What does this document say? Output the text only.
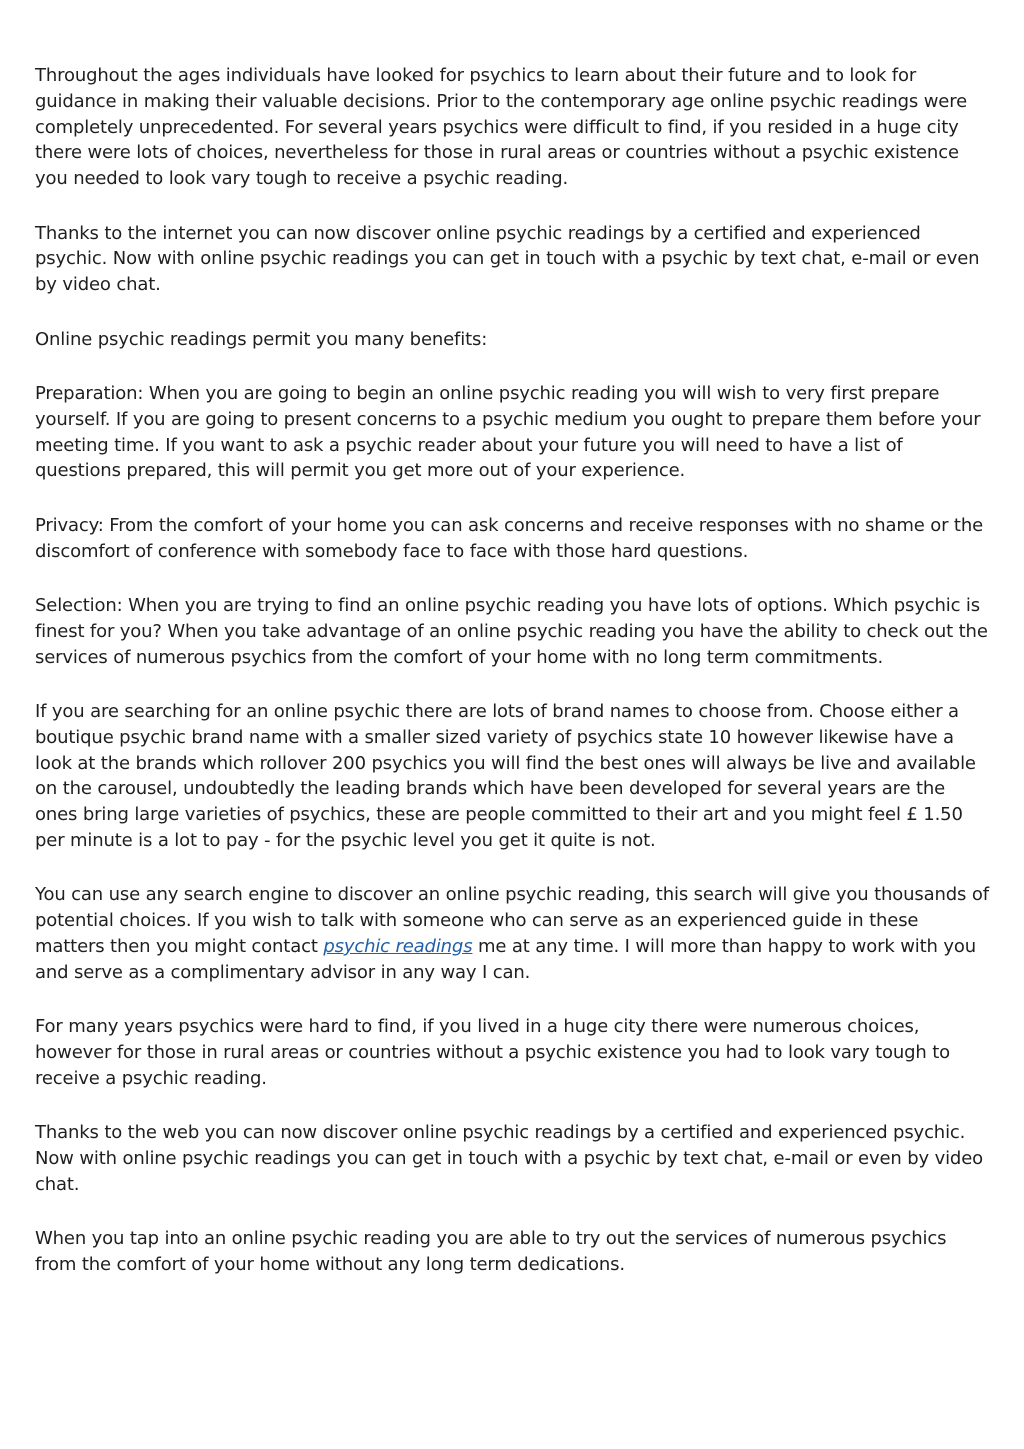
Throughout the ages individuals have looked for psychics to learn about their future and to look for guidance in making their valuable decisions. Prior to the contemporary age online psychic readings were completely unprecedented. For several years psychics were difficult to find, if you resided in a huge city there were lots of choices, nevertheless for those in rural areas or countries without a psychic existence you needed to look vary tough to receive a psychic reading.

Thanks to the internet you can now discover online psychic readings by a certified and experienced psychic. Now with online psychic readings you can get in touch with a psychic by text chat, e-mail or even by video chat.

Online psychic readings permit you many benefits:

Preparation: When you are going to begin an online psychic reading you will wish to very first prepare yourself. If you are going to present concerns to a psychic medium you ought to prepare them before your meeting time. If you want to ask a psychic reader about your future you will need to have a list of questions prepared, this will permit you get more out of your experience.

Privacy: From the comfort of your home you can ask concerns and receive responses with no shame or the discomfort of conference with somebody face to face with those hard questions.

Selection: When you are trying to find an online psychic reading you have lots of options. Which psychic is finest for you? When you take advantage of an online psychic reading you have the ability to check out the services of numerous psychics from the comfort of your home with no long term commitments.

If you are searching for an online psychic there are lots of brand names to choose from. Choose either a boutique psychic brand name with a smaller sized variety of psychics state 10 however likewise have a look at the brands which rollover 200 psychics you will find the best ones will always be live and available on the carousel, undoubtedly the leading brands which have been developed for several years are the ones bring large varieties of psychics, these are people committed to their art and you might feel £ 1.50 per minute is a lot to pay - for the psychic level you get it quite is not.

You can use any search engine to discover an online psychic reading, this search will give you thousands of potential choices. If you wish to talk with someone who can serve as an experienced guide in these matters then you might contact psychic readings me at any time. I will more than happy to work with you and serve as a complimentary advisor in any way I can.

For many years psychics were hard to find, if you lived in a huge city there were numerous choices, however for those in rural areas or countries without a psychic existence you had to look vary tough to receive a psychic reading.

Thanks to the web you can now discover online psychic readings by a certified and experienced psychic. Now with online psychic readings you can get in touch with a psychic by text chat, e-mail or even by video chat.

When you tap into an online psychic reading you are able to try out the services of numerous psychics from the comfort of your home without any long term dedications.
